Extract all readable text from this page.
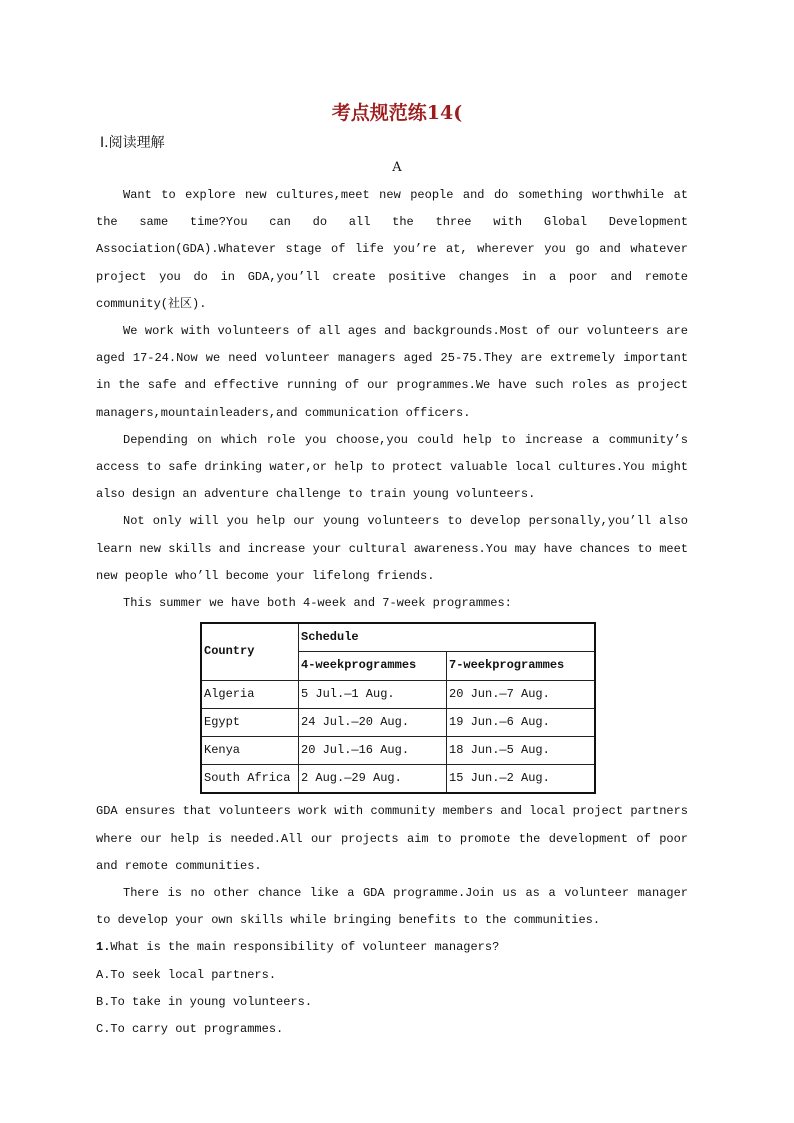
考点规范练14(
Ⅰ.阅读理解
A

Want to explore new cultures,meet new people and do something worthwhile at the same time?You can do all the three with Global Development Association(GDA).Whatever stage of life you’re at, wherever you go and whatever project you do in GDA,you’ll create positive changes in a poor and remote community(社区).

We work with volunteers of all ages and backgrounds.Most of our volunteers are aged 17-24.Now we need volunteer managers aged 25-75.They are extremely important in the safe and effective running of our programmes.We have such roles as project managers,mountainleaders,and communication officers.

Depending on which role you choose,you could help to increase a community’s access to safe drinking water,or help to protect valuable local cultures.You might also design an adventure challenge to train young volunteers.

Not only will you help our young volunteers to develop personally,you’ll also learn new skills and increase your cultural awareness.You may have chances to meet new people who’ll become your lifelong friends.

This summer we have both 4-week and 7-week programmes:

Country	Schedule	
	4-weekprogrammes	7-weekprogrammes
Algeria	5 Jul.—1 Aug.	20 Jun.—7 Aug.
Egypt	24 Jul.—20 Aug.	19 Jun.—6 Aug.
Kenya	20 Jul.—16 Aug.	18 Jun.—5 Aug.
South Africa	2 Aug.—29 Aug.	15 Jun.—2 Aug.

GDA ensures that volunteers work with community members and local project partners where our help is needed.All our projects aim to promote the development of poor and remote communities.

There is no other chance like a GDA programme.Join us as a volunteer manager to develop your own skills while bringing benefits to the communities.

1.What is the main responsibility of volunteer managers?

A.To seek local partners.

B.To take in young volunteers.

C.To carry out programmes.
